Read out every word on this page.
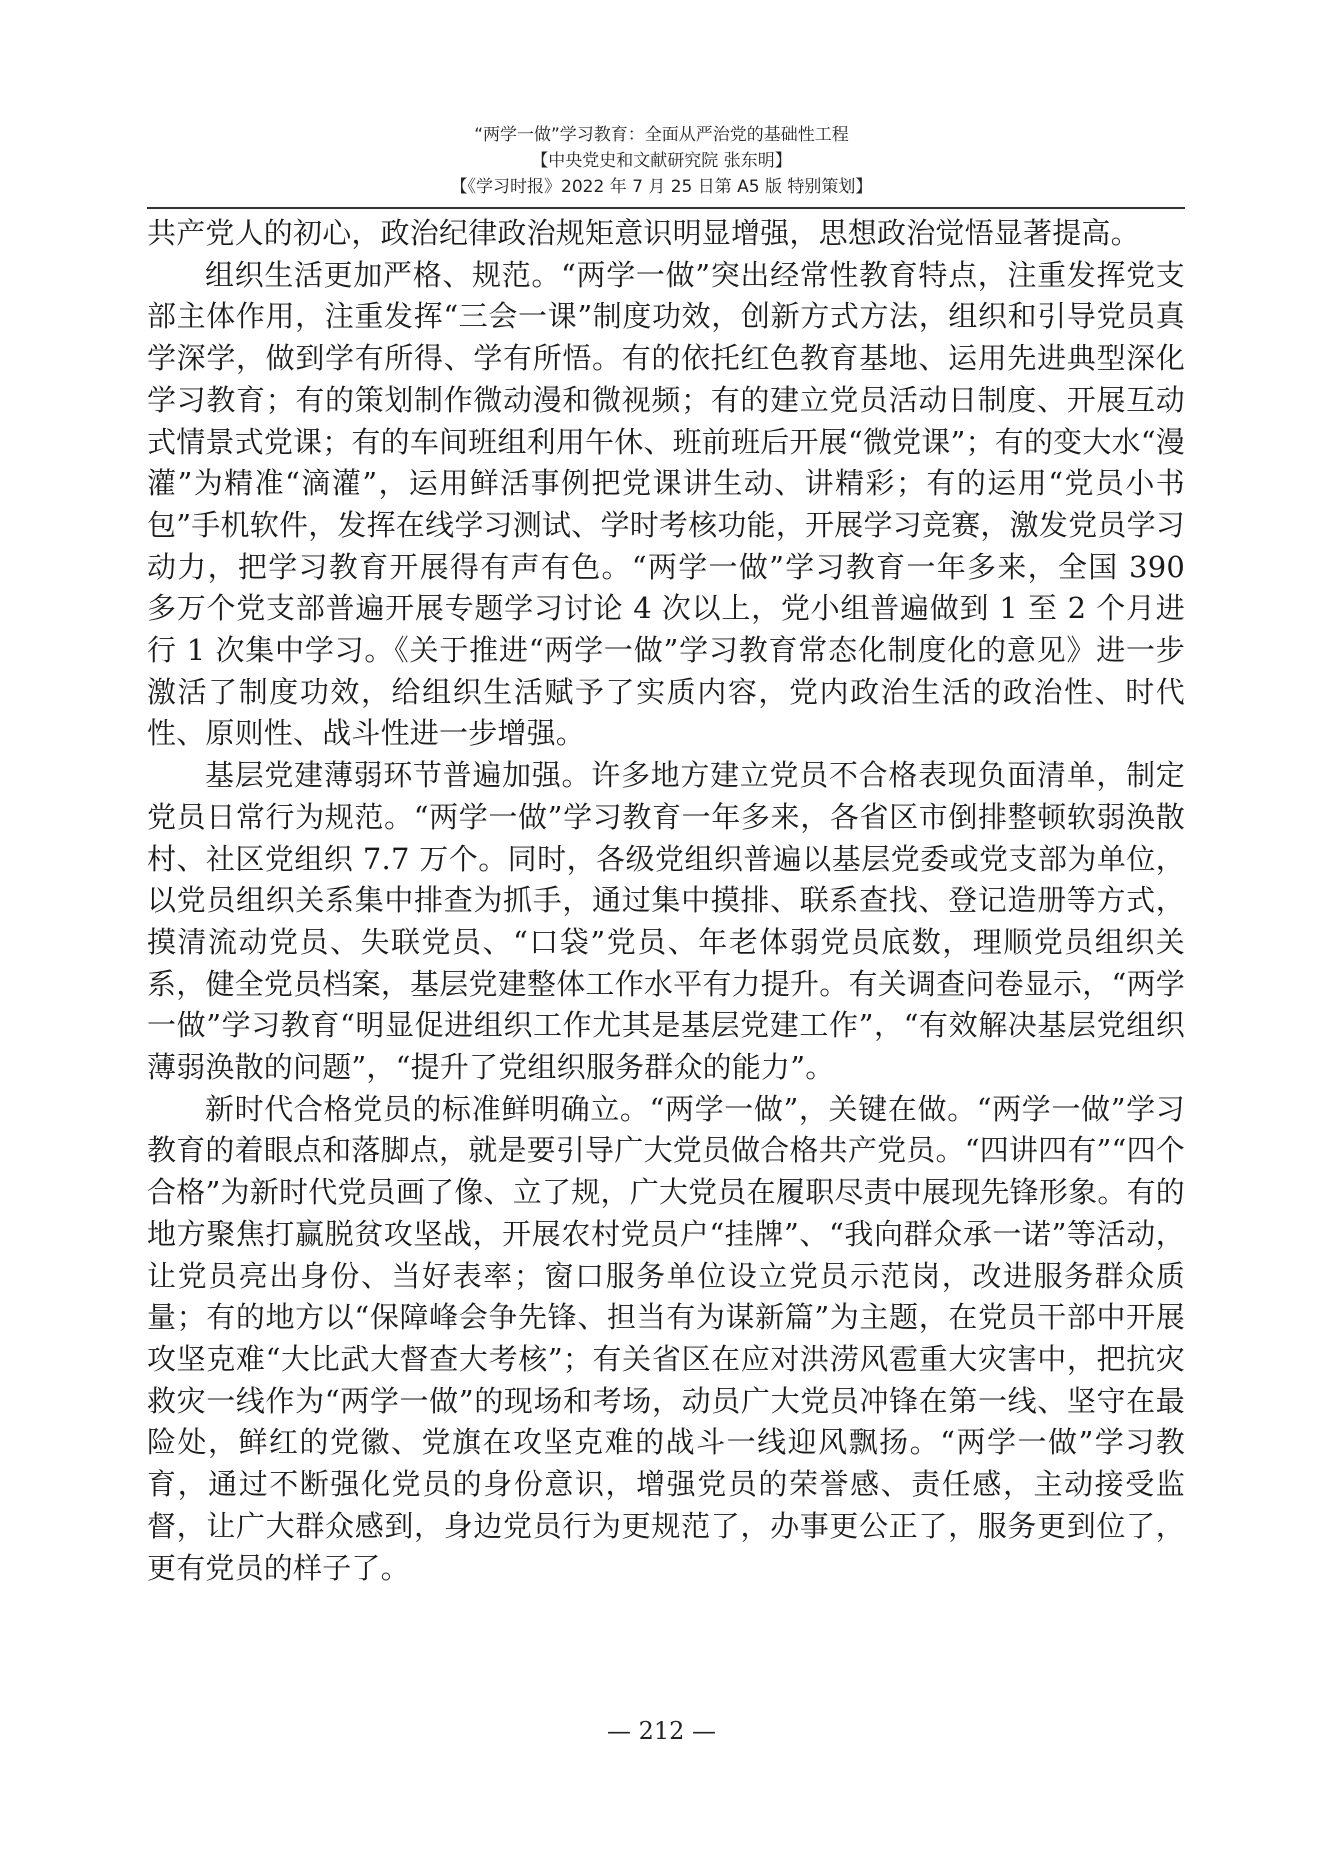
“两学一做”学习教育：全面从严治党的基础性工程
【中央党史和文献研究院 张东明】
【《学习时报》2022 年 7 月 25 日第 A5 版 特别策划】

共产党人的初心，政治纪律政治规矩意识明显增强，思想政治觉悟显著提高。

组织生活更加严格、规范。“两学一做”突出经常性教育特点，注重发挥党支部主体作用，注重发挥“三会一课”制度功效，创新方式方法，组织和引导党员真学深学，做到学有所得、学有所悟。有的依托红色教育基地、运用先进典型深化学习教育；有的策划制作微动漫和微视频；有的建立党员活动日制度、开展互动式情景式党课；有的车间班组利用午休、班前班后开展“微党课”；有的变大水“漫灌”为精准“滴灌”，运用鲜活事例把党课讲生动、讲精彩；有的运用“党员小书包”手机软件，发挥在线学习测试、学时考核功能，开展学习竞赛，激发党员学习动力，把学习教育开展得有声有色。“两学一做”学习教育一年多来，全国 390 多万个党支部普遍开展专题学习讨论 4 次以上，党小组普遍做到 1 至 2 个月进行 1 次集中学习。《关于推进“两学一做”学习教育常态化制度化的意见》进一步激活了制度功效，给组织生活赋予了实质内容，党内政治生活的政治性、时代性、原则性、战斗性进一步增强。

基层党建薄弱环节普遍加强。许多地方建立党员不合格表现负面清单，制定党员日常行为规范。“两学一做”学习教育一年多来，各省区市倒排整顿软弱涣散村、社区党组织 7.7 万个。同时，各级党组织普遍以基层党委或党支部为单位，以党员组织关系集中排查为抓手，通过集中摸排、联系查找、登记造册等方式，摸清流动党员、失联党员、“口袋”党员、年老体弱党员底数，理顺党员组织关系，健全党员档案，基层党建整体工作水平有力提升。有关调查问卷显示，“两学一做”学习教育“明显促进组织工作尤其是基层党建工作”，“有效解决基层党组织薄弱涣散的问题”，“提升了党组织服务群众的能力”。

新时代合格党员的标准鲜明确立。“两学一做”，关键在做。“两学一做”学习教育的着眼点和落脚点，就是要引导广大党员做合格共产党员。“四讲四有”“四个合格”为新时代党员画了像、立了规，广大党员在履职尽责中展现先锋形象。有的地方聚焦打赢脱贫攻坚战，开展农村党员户“挂牌”、“我向群众承一诺”等活动，让党员亮出身份、当好表率；窗口服务单位设立党员示范岗，改进服务群众质量；有的地方以“保障峰会争先锋、担当有为谋新篇”为主题，在党员干部中开展攻坚克难“大比武大督查大考核”；有关省区在应对洪涝风雹重大灾害中，把抗灾救灾一线作为“两学一做”的现场和考场，动员广大党员冲锋在第一线、坚守在最险处，鲜红的党徽、党旗在攻坚克难的战斗一线迎风飘扬。“两学一做”学习教育，通过不断强化党员的身份意识，增强党员的荣誉感、责任感，主动接受监督，让广大群众感到，身边党员行为更规范了，办事更公正了，服务更到位了，更有党员的样子了。

— 212 —
